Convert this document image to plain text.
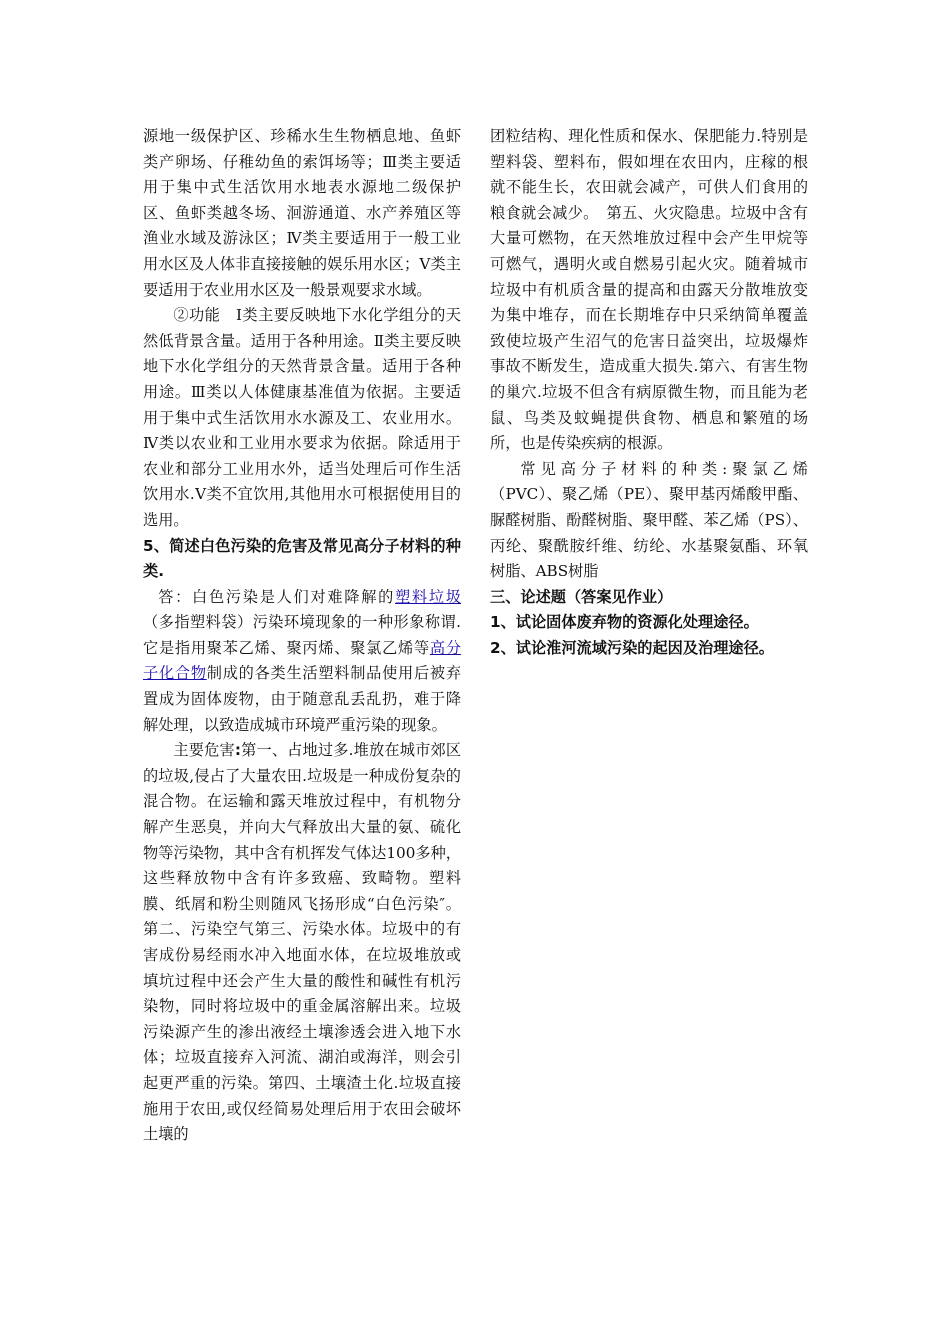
源地一级保护区、珍稀水生生物栖息地、鱼虾类产卵场、仔稚幼鱼的索饵场等；Ⅲ类主要适用于集中式生活饮用水地表水源地二级保护区、鱼虾类越冬场、洄游通道、水产养殖区等渔业水域及游泳区；Ⅳ类主要适用于一般工业用水区及人体非直接接触的娱乐用水区；Ⅴ类主要适用于农业用水区及一般景观要求水域。

②功能　Ⅰ类主要反映地下水化学组分的天然低背景含量。适用于各种用途。Ⅱ类主要反映地下水化学组分的天然背景含量。适用于各种用途。Ⅲ类以人体健康基准值为依据。主要适用于集中式生活饮用水水源及工、农业用水。Ⅳ类以农业和工业用水要求为依据。除适用于农业和部分工业用水外，适当处理后可作生活饮用水.Ⅴ类不宜饮用,其他用水可根据使用目的选用。

5、简述白色污染的危害及常见高分子材料的种类.

答：白色污染是人们对难降解的塑料垃圾（多指塑料袋）污染环境现象的一种形象称谓.它是指用聚苯乙烯、聚丙烯、聚氯乙烯等高分子化合物制成的各类生活塑料制品使用后被弃置成为固体废物，由于随意乱丢乱扔，难于降解处理，以致造成城市环境严重污染的现象。

主要危害:第一、占地过多.堆放在城市郊区的垃圾,侵占了大量农田.垃圾是一种成份复杂的混合物。在运输和露天堆放过程中，有机物分解产生恶臭，并向大气释放出大量的氨、硫化物等污染物，其中含有机挥发气体达100多种，这些释放物中含有许多致癌、致畸物。塑料膜、纸屑和粉尘则随风飞扬形成“白色污染″。 第二、污染空气第三、污染水体。垃圾中的有害成份易经雨水冲入地面水体，在垃圾堆放或填坑过程中还会产生大量的酸性和碱性有机污染物，同时将垃圾中的重金属溶解出来。垃圾污染源产生的渗出液经土壤渗透会进入地下水体；垃圾直接弃入河流、湖泊或海洋，则会引起更严重的污染。第四、土壤渣土化.垃圾直接施用于农田,或仅经简易处理后用于农田会破坏土壤的

团粒结构、理化性质和保水、保肥能力.特别是塑料袋、塑料布，假如埋在农田内，庄稼的根就不能生长，农田就会减产，可供人们食用的粮食就会减少。　第五、火灾隐患。垃圾中含有大量可燃物，在天然堆放过程中会产生甲烷等可燃气，遇明火或自燃易引起火灾。随着城市垃圾中有机质含量的提高和由露天分散堆放变为集中堆存，而在长期堆存中只采纳简单覆盖致使垃圾产生沼气的危害日益突出，垃圾爆炸事故不断发生，造成重大损失.第六、有害生物的巢穴.垃圾不但含有病原微生物，而且能为老鼠、鸟类及蚊蝇提供食物、栖息和繁殖的场所，也是传染疾病的根源。

常见高分子材料的种类:聚氯乙烯（PVC）、聚乙烯（PE）、聚甲基丙烯酸甲酯、脲醛树脂、酚醛树脂、聚甲醛、苯乙烯（PS）、丙纶、聚酰胺纤维、纺纶、水基聚氨酯、环氧树脂、ABS树脂

三、论述题（答案见作业）

1、试论固体废弃物的资源化处理途径。

2、试论淮河流域污染的起因及治理途径。
